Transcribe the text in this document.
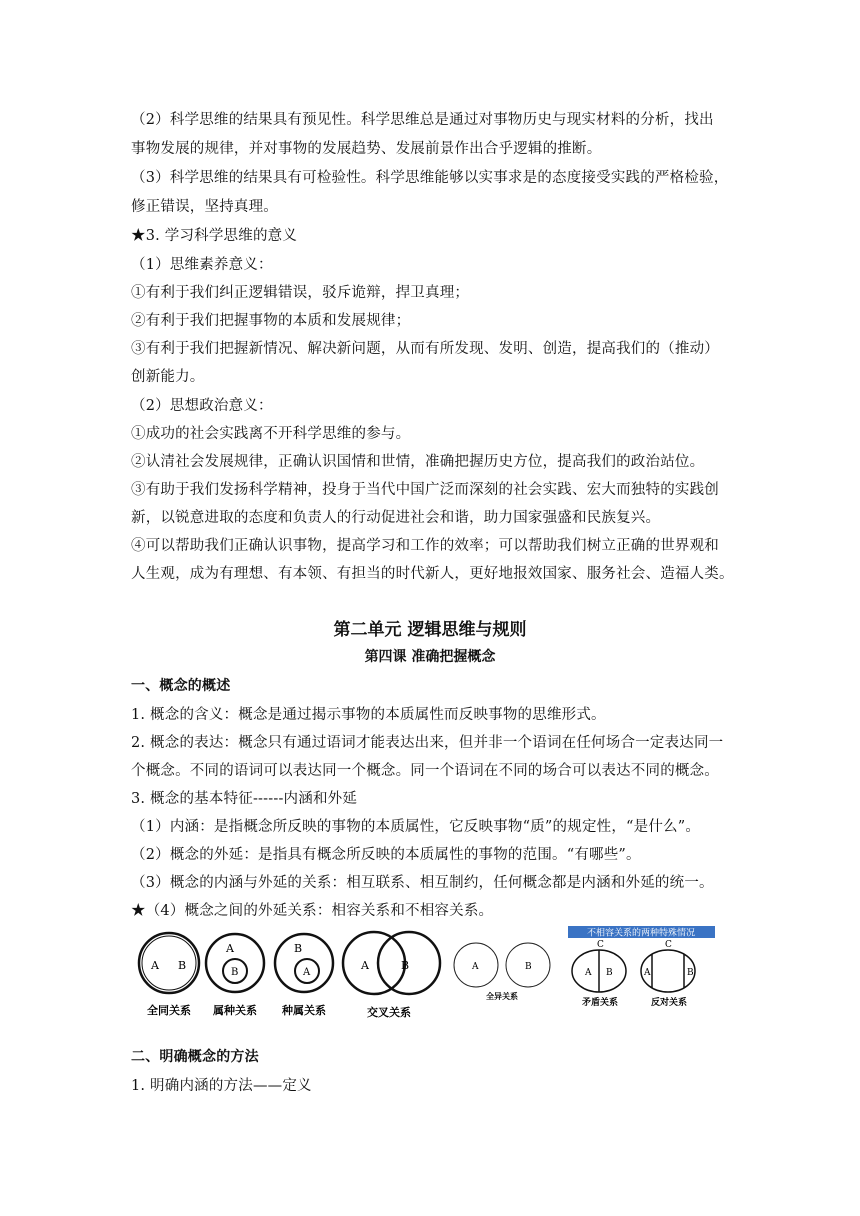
（2）科学思维的结果具有预见性。科学思维总是通过对事物历史与现实材料的分析，找出
事物发展的规律，并对事物的发展趋势、发展前景作出合乎逻辑的推断。
（3）科学思维的结果具有可检验性。科学思维能够以实事求是的态度接受实践的严格检验，
修正错误，坚持真理。
★3. 学习科学思维的意义
（1）思维素养意义：
①有利于我们纠正逻辑错误，驳斥诡辩，捍卫真理；
②有利于我们把握事物的本质和发展规律；
③有利于我们把握新情况、解决新问题，从而有所发现、发明、创造，提高我们的（推动）
创新能力。
（2）思想政治意义：
①成功的社会实践离不开科学思维的参与。
②认清社会发展规律，正确认识国情和世情，准确把握历史方位，提高我们的政治站位。
③有助于我们发扬科学精神，投身于当代中国广泛而深刻的社会实践、宏大而独特的实践创
新，以锐意进取的态度和负责人的行动促进社会和谐，助力国家强盛和民族复兴。
④可以帮助我们正确认识事物，提高学习和工作的效率；可以帮助我们树立正确的世界观和
人生观，成为有理想、有本领、有担当的时代新人，更好地报效国家、服务社会、造福人类。
第二单元 逻辑思维与规则
第四课 准确把握概念
一、概念的概述
1. 概念的含义：概念是通过揭示事物的本质属性而反映事物的思维形式。
2. 概念的表达：概念只有通过语词才能表达出来，但并非一个语词在任何场合一定表达同一
个概念。不同的语词可以表达同一个概念。同一个语词在不同的场合可以表达不同的概念。
3. 概念的基本特征------内涵和外延
（1）内涵：是指概念所反映的事物的本质属性，它反映事物“质”的规定性，“是什么”。
（2）概念的外延：是指具有概念所反映的本质属性的事物的范围。“有哪些”。
（3）概念的内涵与外延的关系：相互联系、相互制约，任何概念都是内涵和外延的统一。
★（4）概念之间的外延关系：相容关系和不相容关系。
A B
全同关系
A
B
属种关系
B
A
种属关系
A	B
交叉关系
A	B
全异关系
不相容关系的两种特殊情况
C
A B
矛盾关系
C
A	B
反对关系
二、明确概念的方法
1. 明确内涵的方法——定义
